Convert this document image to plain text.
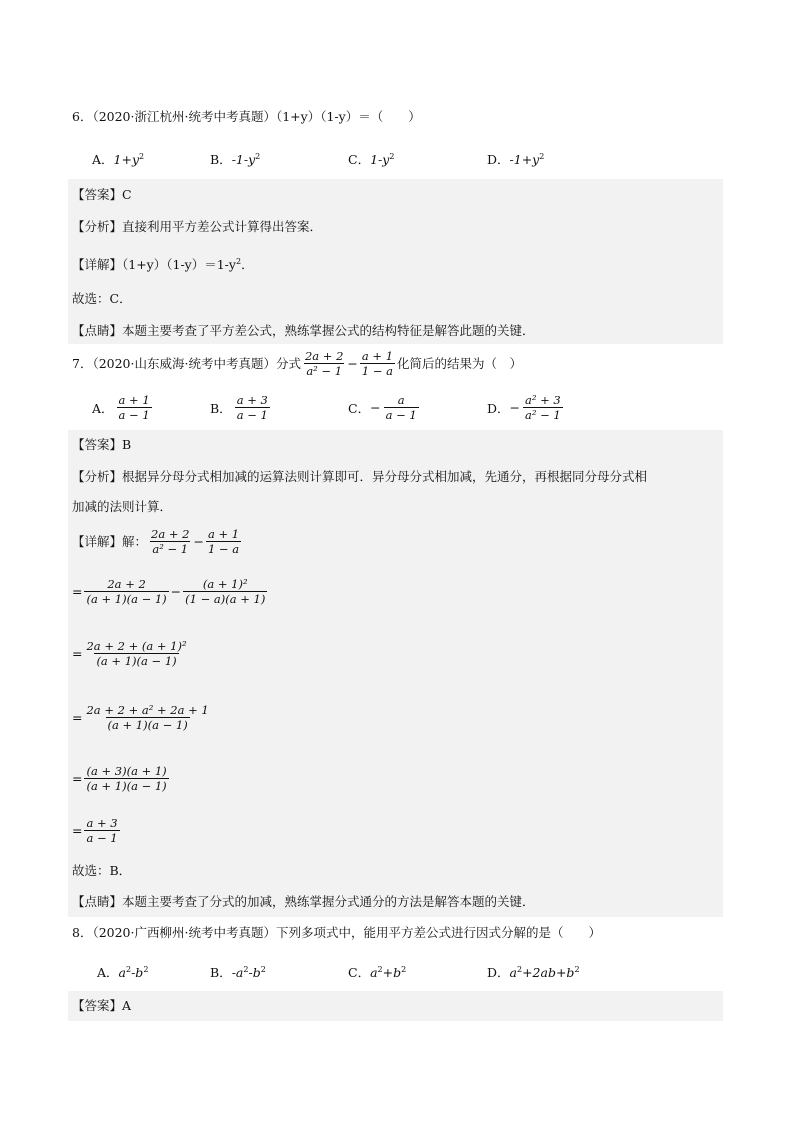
6．（2020·浙江杭州·统考中考真题）（1+y）（1-y）＝（　　）
A．$1+y^2$	B．$-1-y^2$	C．$1-y^2$	D．$-1+y^2$
【答案】C
【分析】直接利用平方差公式计算得出答案．
【详解】$(1+y)(1-y)=1-y^2$．
故选：C．
【点睛】本题主要考查了平方差公式，熟练掌握公式的结构特征是解答此题的关键．
7．（2020·山东威海·统考中考真题）分式 $\frac{2a + 2}{\text{a² − 1}} - \frac{a + 1}{1 - a}$ 化简后的结果为（　）
A． $\frac{a + 1}{a - 1}$	B． $\frac{a + 3}{a - 1}$	C． − $\frac{a}{a - 1}$	D． − $\frac{\text{a² + 3}}{\text{a² − 1}}$
【答案】B
【分析】根据异分母分式相加减的运算法则计算即可．异分母分式相加减，先通分，再根据同分母分式相
加减的法则计算．
【详解】解： $\frac{2a + 2}{\text{a² − 1}} - \frac{a + 1}{1 - a}$
= $\frac{2a + 2}{(a + 1)(a - 1)} - \frac{\text{(a + 1)²}}{(1 - a)(a + 1)}$
= $\frac{\text{2a + 2 + (a + 1)²}}{(a + 1)(a - 1)}$
= $\frac{\text{2a + 2 + a² + 2a + 1}}{(a + 1)(a - 1)}$
= $\frac{(a + 3)(a + 1)}{(a + 1)(a - 1)}$
= $\frac{a + 3}{a - 1}$
故选：B．
【点睛】本题主要考查了分式的加减，熟练掌握分式通分的方法是解答本题的关键．
8．（2020·广西柳州·统考中考真题）下列多项式中，能用平方差公式进行因式分解的是（　　）
A．$a^2-b^2$	B．$-a^2-b^2$	C．$a^2+b^2$	D．$a^2+2ab+b^2$
【答案】A
